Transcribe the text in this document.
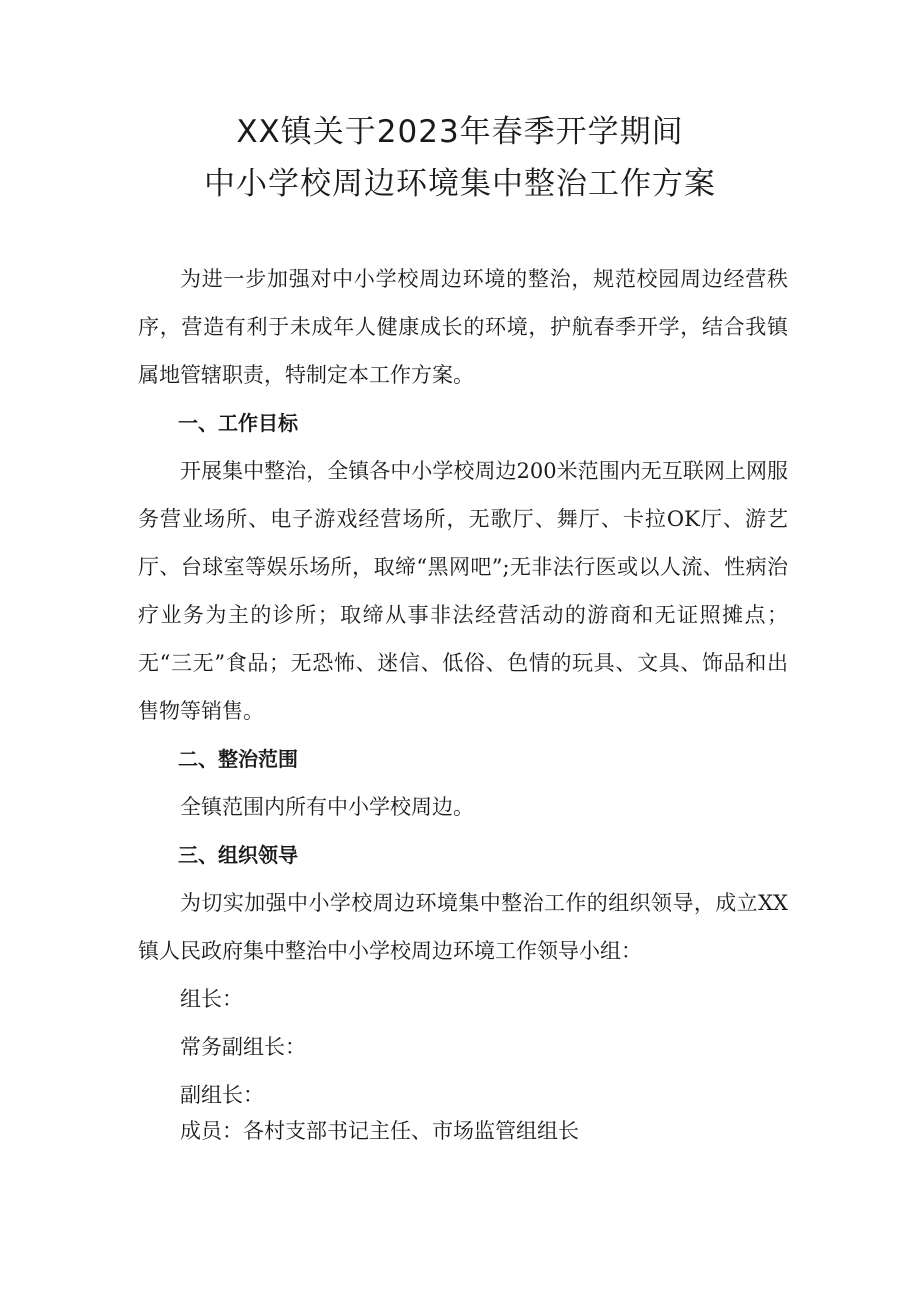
XX镇关于2023年春季开学期间
中小学校周边环境集中整治工作方案

为进一步加强对中小学校周边环境的整治，规范校园周边经营秩序，营造有利于未成年人健康成长的环境，护航春季开学，结合我镇属地管辖职责，特制定本工作方案。

一、工作目标

开展集中整治，全镇各中小学校周边200米范围内无互联网上网服务营业场所、电子游戏经营场所，无歌厅、舞厅、卡拉OK厅、游艺厅、台球室等娱乐场所，取缔“黑网吧”;无非法行医或以人流、性病治疗业务为主的诊所；取缔从事非法经营活动的游商和无证照摊点；无“三无”食品；无恐怖、迷信、低俗、色情的玩具、文具、饰品和出售物等销售。

二、整治范围

全镇范围内所有中小学校周边。

三、组织领导

为切实加强中小学校周边环境集中整治工作的组织领导，成立XX镇人民政府集中整治中小学校周边环境工作领导小组：

组长：

常务副组长：

副组长：

成员：各村支部书记主任、市场监管组组长
